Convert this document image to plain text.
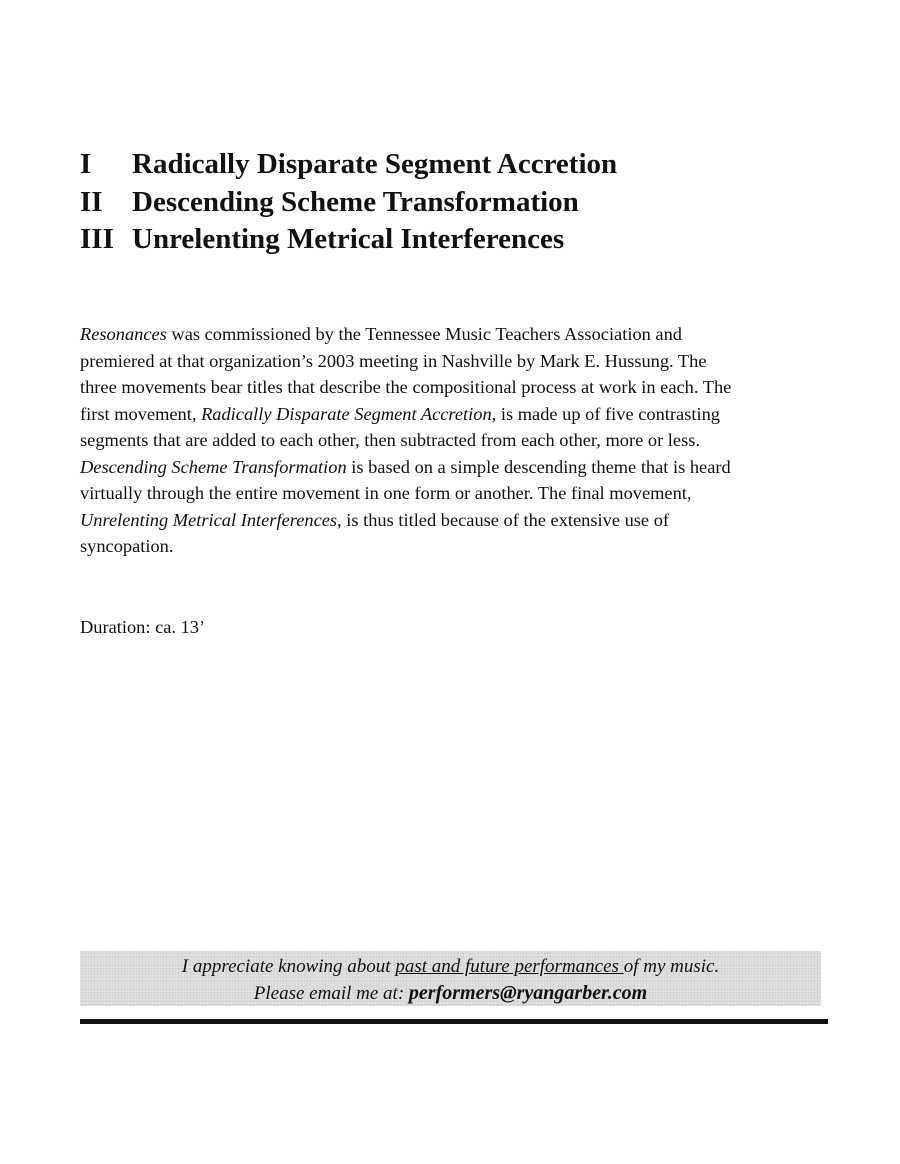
I	Radically Disparate Segment Accretion
II	Descending Scheme Transformation
III Unrelenting Metrical Interferences

Resonances was commissioned by the Tennessee Music Teachers Association and
premiered at that organization’s 2003 meeting in Nashville by Mark E. Hussung. The
three movements bear titles that describe the compositional process at work in each. The
first movement, Radically Disparate Segment Accretion, is made up of five contrasting
segments that are added to each other, then subtracted from each other, more or less.
Descending Scheme Transformation is based on a simple descending theme that is heard
virtually through the entire movement in one form or another. The final movement,
Unrelenting Metrical Interferences, is thus titled because of the extensive use of
syncopation.

Duration: ca. 13’

I appreciate knowing about past and future performances of my music.
Please email me at: performers@ryangarber.com
